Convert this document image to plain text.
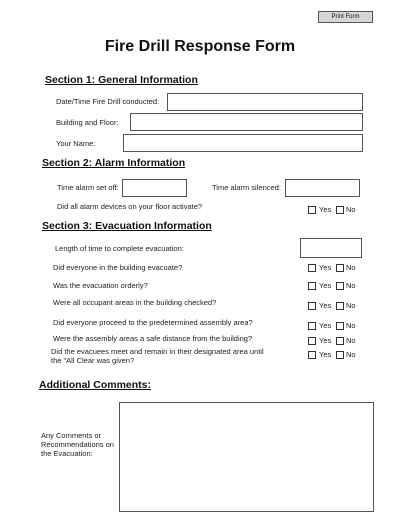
Print Form
Fire Drill Response Form
Section 1: General Information
Date/Time Fire Drill conducted:
Building and Floor:
Your Name:
Section 2: Alarm Information
Time alarm set off:	Time alarm silenced:
Did all alarm devices on your floor activate?	Yes No
Section 3: Evacuation Information
Length of time to complete evacuation:
Did everyone in the building evacuate?	Yes No
Was the evacuation orderly?	Yes No
Were all occupant areas in the building checked?	Yes No
Did everyone proceed to the predetermined assembly area?	Yes No
Were the assembly areas a safe distance from the building?	Yes No
Did the evacuees meet and remain in their designated area until
the "All Clear was given?
Yes No
Additional Comments:
Any Comments or
Recommendations on
the Evacuation:
